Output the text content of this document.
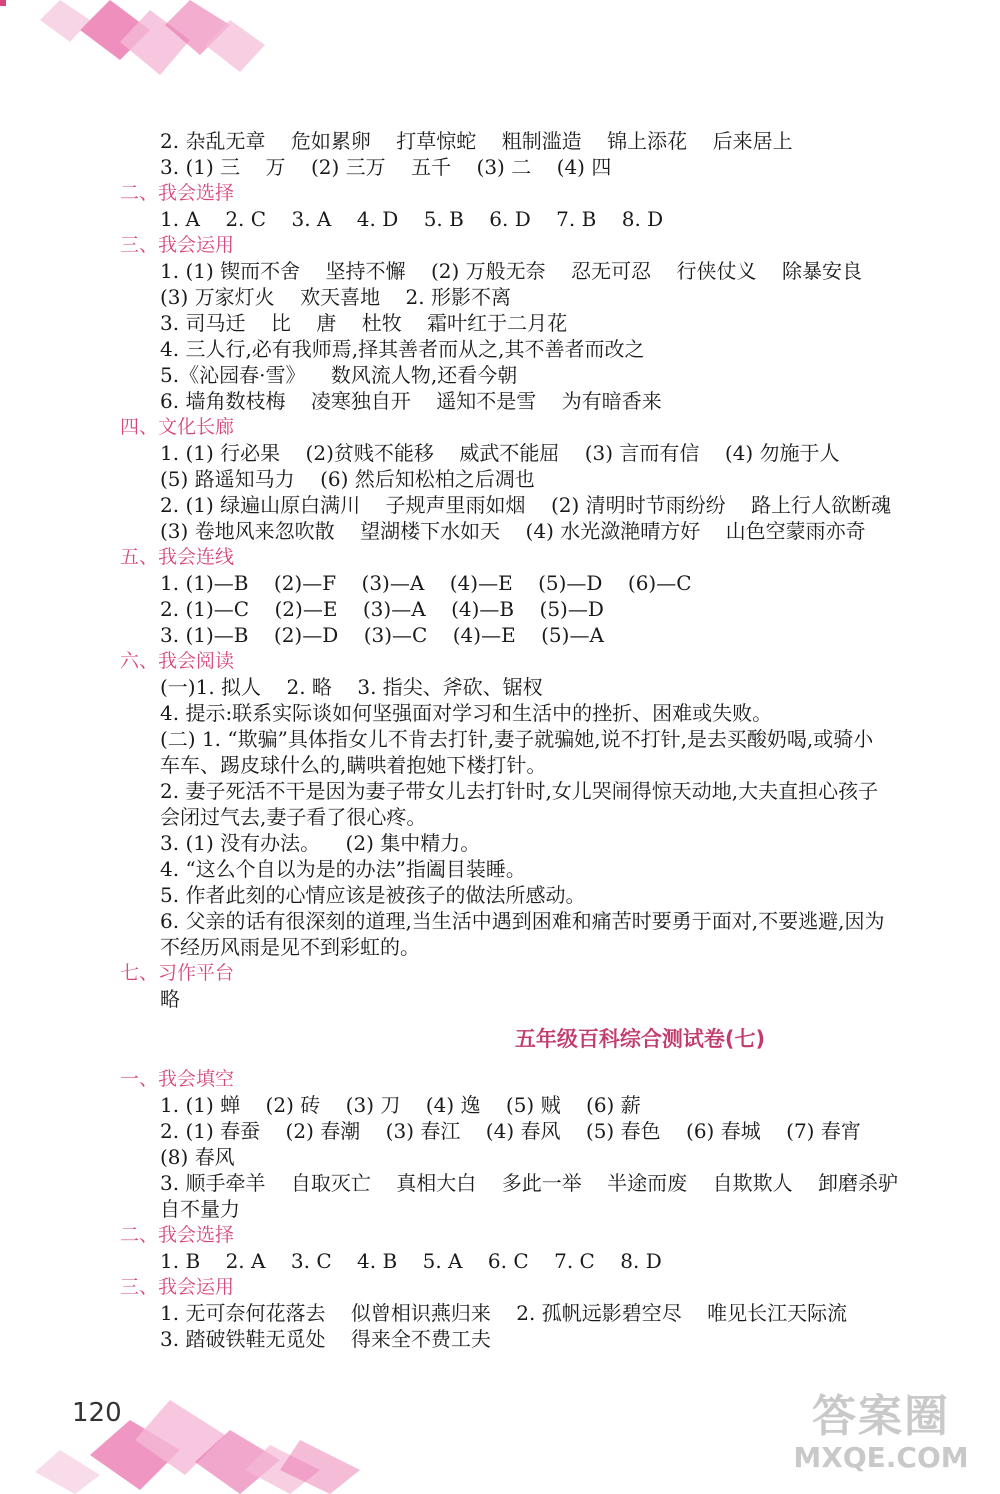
2. 杂乱无章    危如累卵    打草惊蛇    粗制滥造    锦上添花    后来居上
3. (1) 三    万    (2) 三万    五千    (3) 二    (4) 四
二、我会选择
1. A    2. C    3. A    4. D    5. B    6. D    7. B    8. D
三、我会运用
1. (1) 锲而不舍    坚持不懈    (2) 万般无奈    忍无可忍    行侠仗义    除暴安良
(3) 万家灯火    欢天喜地    2. 形影不离
3. 司马迁    比    唐    杜牧    霜叶红于二月花
4. 三人行,必有我师焉,择其善者而从之,其不善者而改之
5.《沁园春·雪》    数风流人物,还看今朝
6. 墙角数枝梅    凌寒独自开    遥知不是雪    为有暗香来
四、文化长廊
1. (1) 行必果    (2)贫贱不能移    威武不能屈    (3) 言而有信    (4) 勿施于人
(5) 路遥知马力    (6) 然后知松柏之后凋也
2. (1) 绿遍山原白满川    子规声里雨如烟    (2) 清明时节雨纷纷    路上行人欲断魂
(3) 卷地风来忽吹散    望湖楼下水如天    (4) 水光潋滟晴方好    山色空蒙雨亦奇
五、我会连线
1. (1)—B    (2)—F    (3)—A    (4)—E    (5)—D    (6)—C
2. (1)—C    (2)—E    (3)—A    (4)—B    (5)—D
3. (1)—B    (2)—D    (3)—C    (4)—E    (5)—A
六、我会阅读
(一)1. 拟人    2. 略    3. 指尖、斧砍、锯杈
4. 提示:联系实际谈如何坚强面对学习和生活中的挫折、困难或失败。
(二) 1. “欺骗”具体指女儿不肯去打针,妻子就骗她,说不打针,是去买酸奶喝,或骑小
车车、踢皮球什么的,瞒哄着抱她下楼打针。
2. 妻子死活不干是因为妻子带女儿去打针时,女儿哭闹得惊天动地,大夫直担心孩子
会闭过气去,妻子看了很心疼。
3. (1) 没有办法。    (2) 集中精力。
4. “这么个自以为是的办法”指阖目装睡。
5. 作者此刻的心情应该是被孩子的做法所感动。
6. 父亲的话有很深刻的道理,当生活中遇到困难和痛苦时要勇于面对,不要逃避,因为
不经历风雨是见不到彩虹的。
七、习作平台
略
五年级百科综合测试卷(七)
一、我会填空
1. (1) 蝉    (2) 砖    (3) 刀    (4) 逸    (5) 贼    (6) 薪
2. (1) 春蚕    (2) 春潮    (3) 春江    (4) 春风    (5) 春色    (6) 春城    (7) 春宵
(8) 春风
3. 顺手牵羊    自取灭亡    真相大白    多此一举    半途而废    自欺欺人    卸磨杀驴
自不量力
二、我会选择
1. B    2. A    3. C    4. B    5. A    6. C    7. C    8. D
三、我会运用
1. 无可奈何花落去    似曾相识燕归来    2. 孤帆远影碧空尽    唯见长江天际流
3. 踏破铁鞋无觅处    得来全不费工夫
120	答案圈
MXQE.COM
